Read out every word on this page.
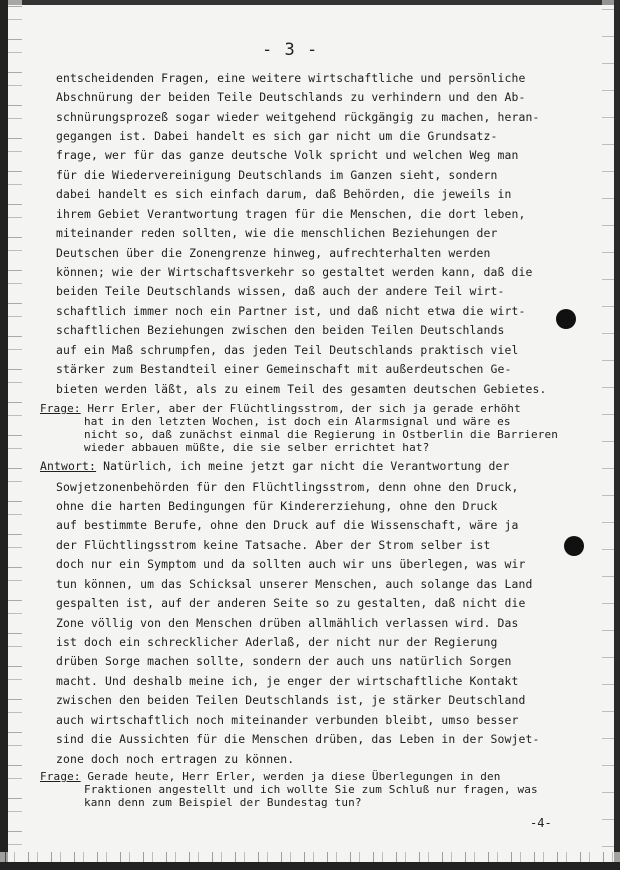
- 3 -
entscheidenden Fragen, eine weitere wirtschaftliche und persönliche
Abschnürung der beiden Teile Deutschlands zu verhindern und den Ab-
schnürungsprozeß sogar wieder weitgehend rückgängig zu machen, heran-
gegangen ist. Dabei handelt es sich gar nicht um die Grundsatz-
frage, wer für das ganze deutsche Volk spricht und welchen Weg man
für die Wiedervereinigung Deutschlands im Ganzen sieht, sondern
dabei handelt es sich einfach darum, daß Behörden, die jeweils in
ihrem Gebiet Verantwortung tragen für die Menschen, die dort leben,
miteinander reden sollten, wie die menschlichen Beziehungen der
Deutschen über die Zonengrenze hinweg, aufrechterhalten werden
können; wie der Wirtschaftsverkehr so gestaltet werden kann, daß die
beiden Teile Deutschlands wissen, daß auch der andere Teil wirt-
schaftlich immer noch ein Partner ist, und daß nicht etwa die wirt-
schaftlichen Beziehungen zwischen den beiden Teilen Deutschlands
auf ein Maß schrumpfen, das jeden Teil Deutschlands praktisch viel
stärker zum Bestandteil einer Gemeinschaft mit außerdeutschen Ge-
bieten werden läßt, als zu einem Teil des gesamten deutschen Gebietes.
Frage: Herr Erler, aber der Flüchtlingsstrom, der sich ja gerade erhöht
hat in den letzten Wochen, ist doch ein Alarmsignal und wäre es
nicht so, daß zunächst einmal die Regierung in Ostberlin die Barrieren
wieder abbauen müßte, die sie selber errichtet hat?
Antwort: Natürlich, ich meine jetzt gar nicht die Verantwortung der
Sowjetzonenbehörden für den Flüchtlingsstrom, denn ohne den Druck,
ohne die harten Bedingungen für Kindererziehung, ohne den Druck
auf bestimmte Berufe, ohne den Druck auf die Wissenschaft, wäre ja
der Flüchtlingsstrom keine Tatsache. Aber der Strom selber ist
doch nur ein Symptom und da sollten auch wir uns überlegen, was wir
tun können, um das Schicksal unserer Menschen, auch solange das Land
gespalten ist, auf der anderen Seite so zu gestalten, daß nicht die
Zone völlig von den Menschen drüben allmählich verlassen wird. Das
ist doch ein schrecklicher Aderlaß, der nicht nur der Regierung
drüben Sorge machen sollte, sondern der auch uns natürlich Sorgen
macht. Und deshalb meine ich, je enger der wirtschaftliche Kontakt
zwischen den beiden Teilen Deutschlands ist, je stärker Deutschland
auch wirtschaftlich noch miteinander verbunden bleibt, umso besser
sind die Aussichten für die Menschen drüben, das Leben in der Sowjet-
zone doch noch ertragen zu können.
Frage: Gerade heute, Herr Erler, werden ja diese Überlegungen in den
Fraktionen angestellt und ich wollte Sie zum Schluß nur fragen, was
kann denn zum Beispiel der Bundestag tun?
-4-
